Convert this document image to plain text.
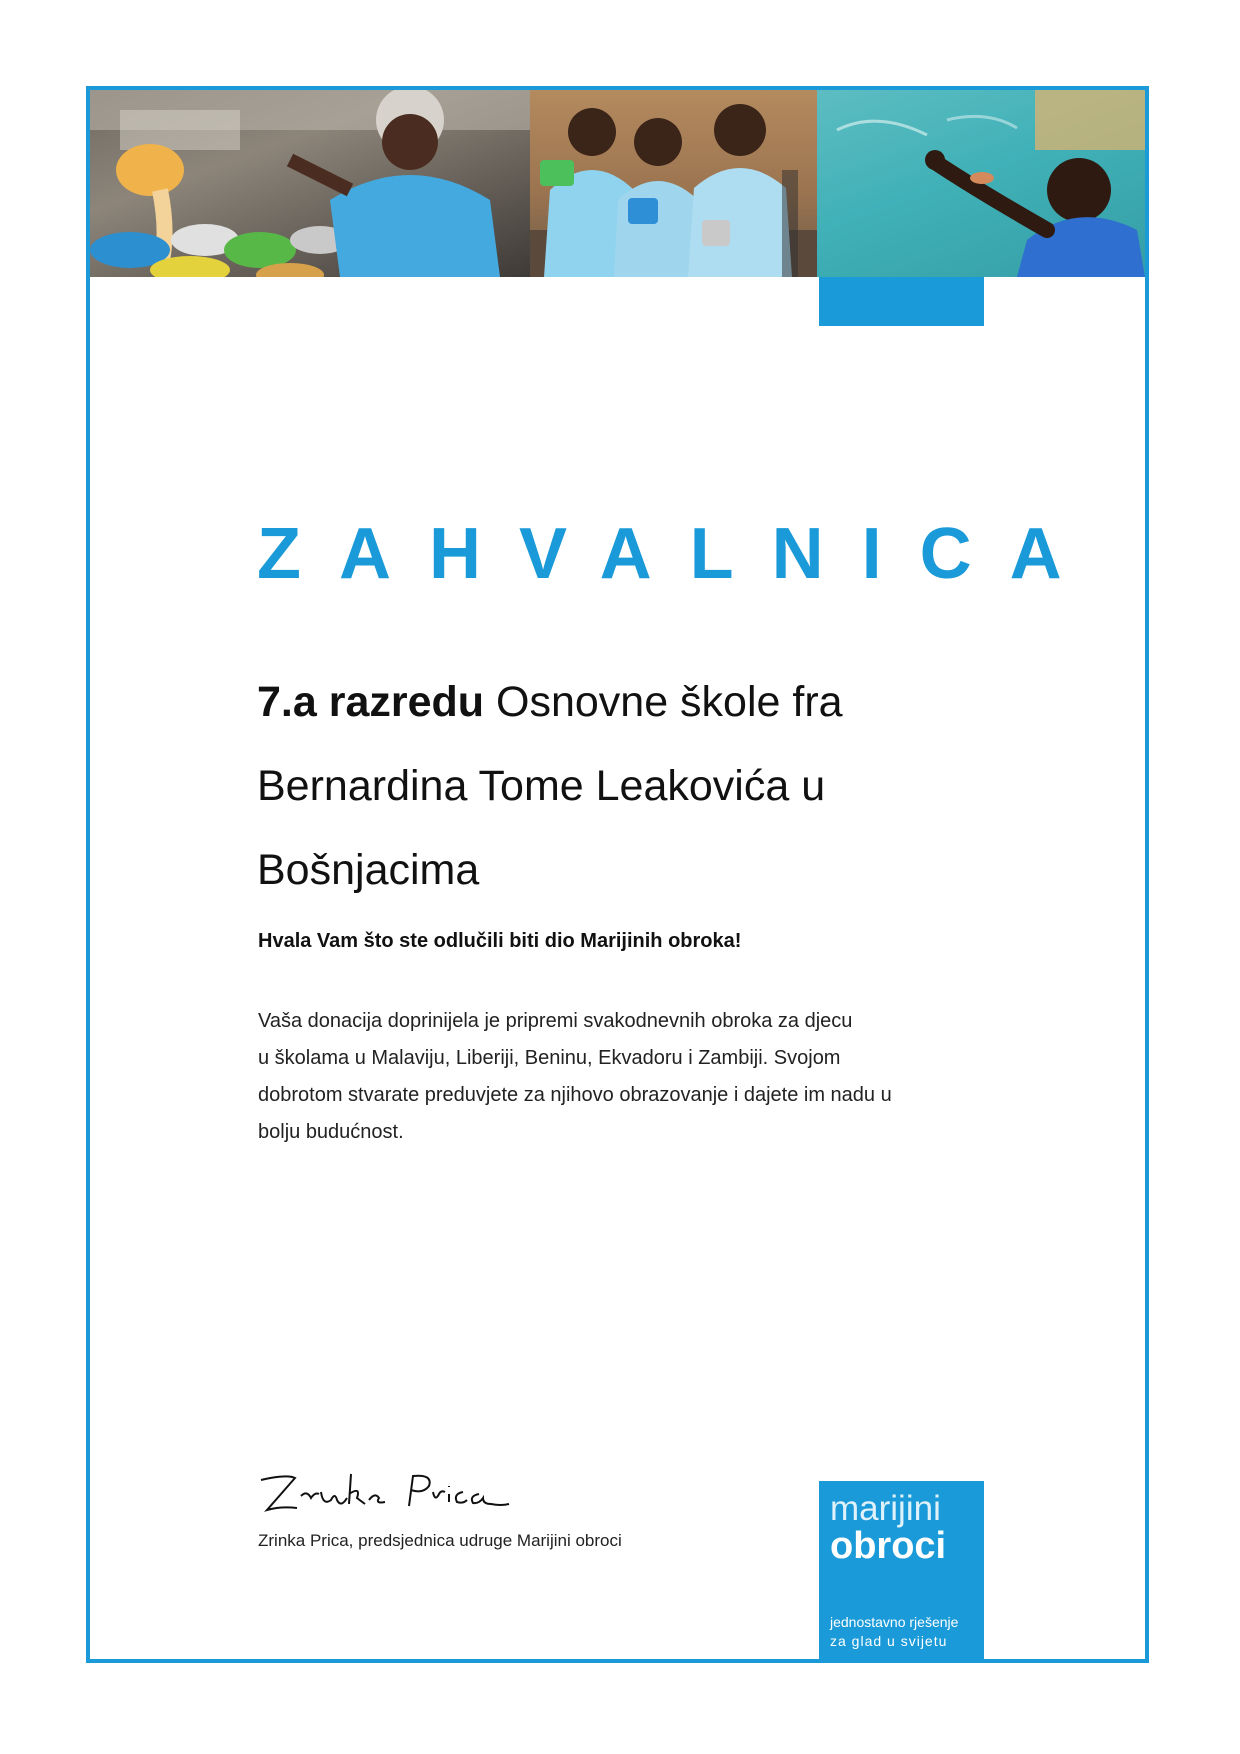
ZAHVALNICA
7.a razredu Osnovne škole fra
Bernardina Tome Leakovića u
Bošnjacima

Hvala Vam što ste odlučili biti dio Marijinih obroka!

Vaša donacija doprinijela je pripremi svakodnevnih obroka za djecu
u školama u Malaviju, Liberiji, Beninu, Ekvadoru i Zambiji. Svojom
dobrotom stvarate preduvjete za njihovo obrazovanje i dajete im nadu u
bolju budućnost.

Zrinka Prica, predsjednica udruge Marijini obroci

marijini
obroci
jednostavno rješenje
za glad u svijetu
